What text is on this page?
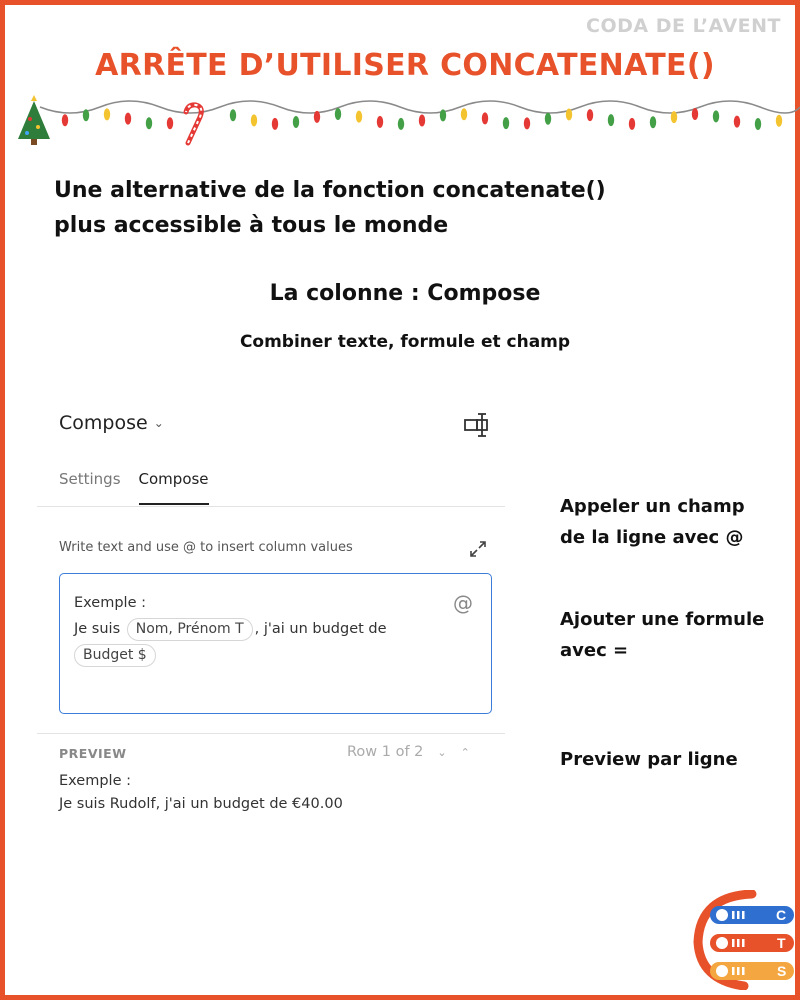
CODA DE L’AVENT
ARRÊTE D’UTILISER CONCATENATE()
Une alternative de la fonction concatenate()
plus accessible à tous le monde
La colonne : Compose
Combiner texte, formule et champ
Compose ⌄
Settings Compose
Write text and use @ to insert column values
@
Exemple :
Je suis Nom, Prénom T , j'ai un budget de
Budget $
PREVIEW	Row 1 of 2 ⌄ ⌃
Exemple :
Je suis Rudolf, j'ai un budget de €40.00
Appeler un champ
de la ligne avec @
Ajouter une formule
avec =
Preview par ligne
C
T
S
